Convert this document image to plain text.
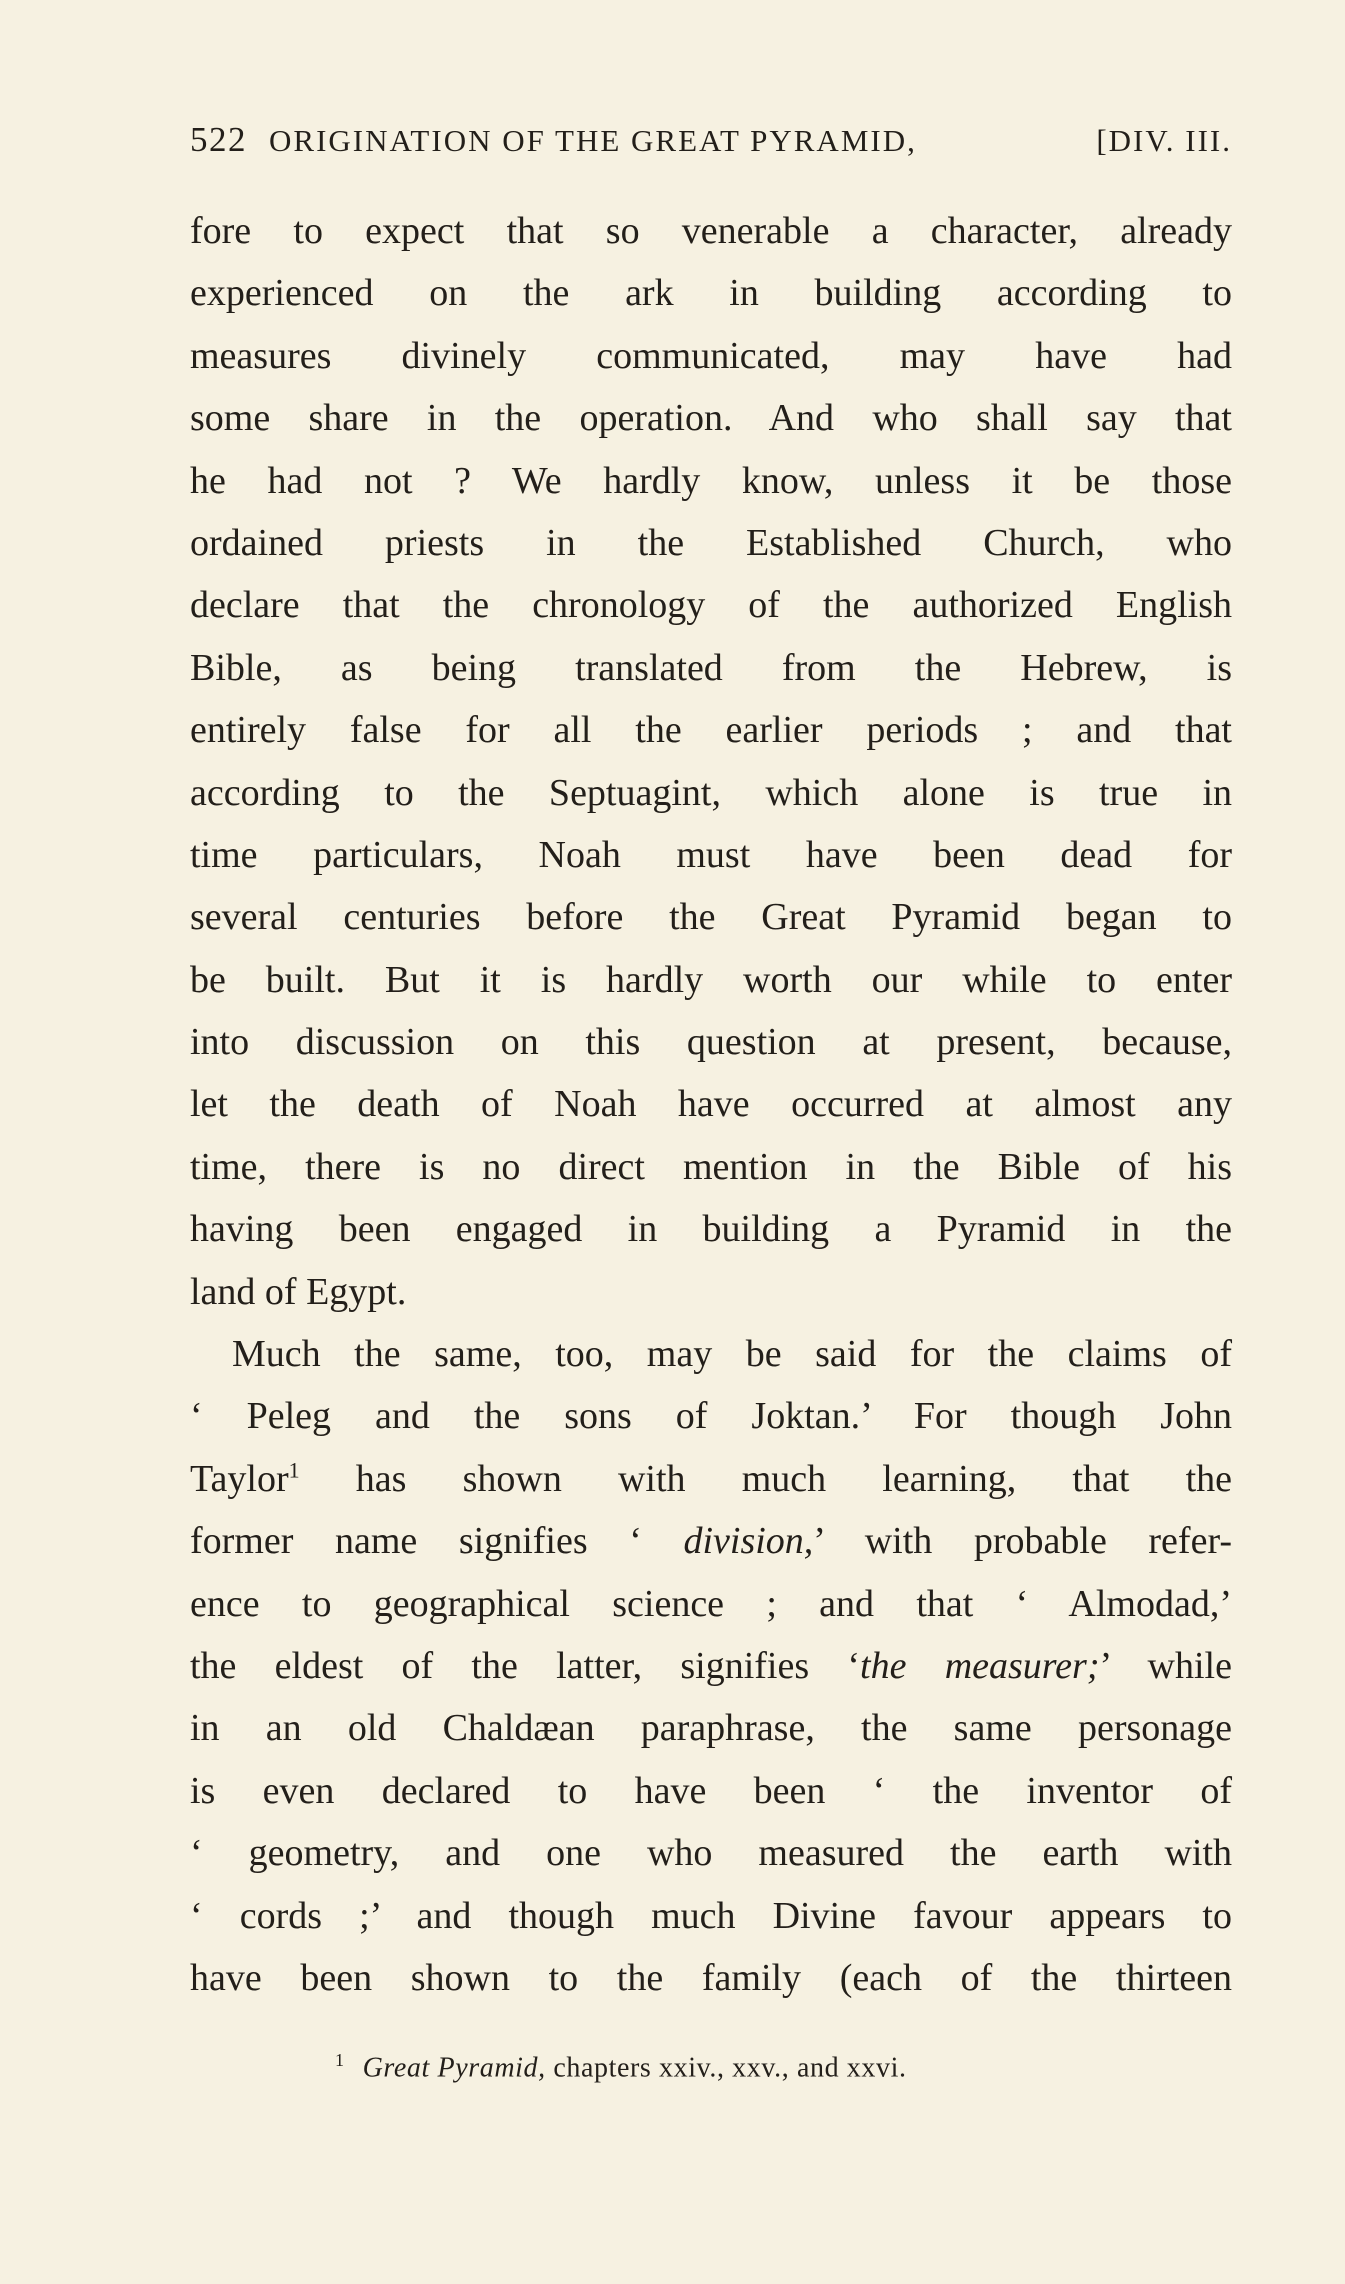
522 ORIGINATION OF THE GREAT PYRAMID,	[DIV. III.
fore to expect that so venerable a character, already
experienced on the ark in building according to
measures divinely communicated, may have had
some share in the operation. And who shall say that
he had not ? We hardly know, unless it be those
ordained priests in the Established Church, who
declare that the chronology of the authorized English
Bible, as being translated from the Hebrew, is
entirely false for all the earlier periods ; and that
according to the Septuagint, which alone is true in
time particulars, Noah must have been dead for
several centuries before the Great Pyramid began to
be built. But it is hardly worth our while to enter
into discussion on this question at present, because,
let the death of Noah have occurred at almost any
time, there is no direct mention in the Bible of his
having been engaged in building a Pyramid in the
land of Egypt.
Much the same, too, may be said for the claims of
‘ Peleg and the sons of Joktan.’ For though John
Taylor$^1$ has shown with much learning, that the
former name signifies ‘ division,’ with probable refer-
ence to geographical science ; and that ‘ Almodad,’
the eldest of the latter, signifies ‘the measurer;’ while
in an old Chaldæan paraphrase, the same personage
is even declared to have been ‘ the inventor of
‘ geometry, and one who measured the earth with
‘ cords ;’ and though much Divine favour appears to
have been shown to the family (each of the thirteen
$^1$ Great Pyramid, chapters xxiv., xxv., and xxvi.
